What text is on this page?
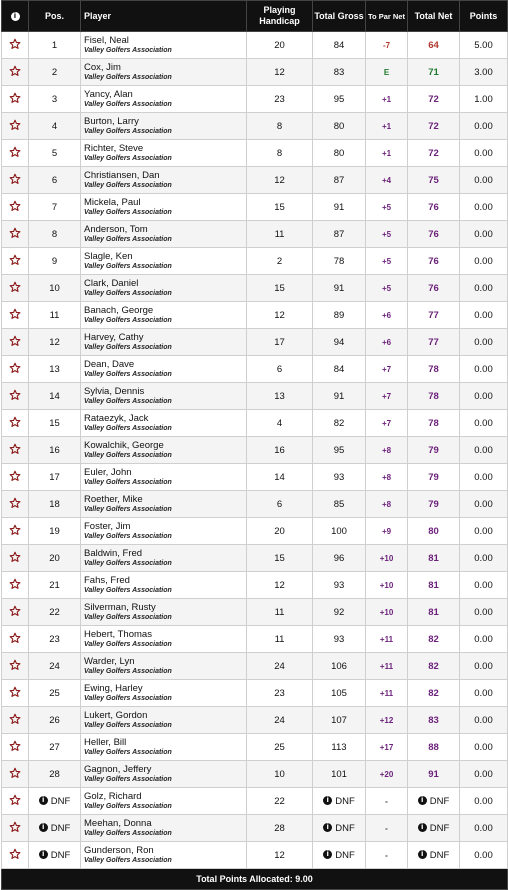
i	Pos.	Player	Playing Handicap	Total Gross	To Par Net	Total Net	Points
	1	Fisel, Neal
Valley Golfers Association	20	84	-7	64	5.00
	2	Cox, Jim
Valley Golfers Association	12	83	E	71	3.00
	3	Yancy, Alan
Valley Golfers Association	23	95	+1	72	1.00
	4	Burton, Larry
Valley Golfers Association	8	80	+1	72	0.00
	5	Richter, Steve
Valley Golfers Association	8	80	+1	72	0.00
	6	Christiansen, Dan
Valley Golfers Association	12	87	+4	75	0.00
	7	Mickela, Paul
Valley Golfers Association	15	91	+5	76	0.00
	8	Anderson, Tom
Valley Golfers Association	11	87	+5	76	0.00
	9	Slagle, Ken
Valley Golfers Association	2	78	+5	76	0.00
	10	Clark, Daniel
Valley Golfers Association	15	91	+5	76	0.00
	11	Banach, George
Valley Golfers Association	12	89	+6	77	0.00
	12	Harvey, Cathy
Valley Golfers Association	17	94	+6	77	0.00
	13	Dean, Dave
Valley Golfers Association	6	84	+7	78	0.00
	14	Sylvia, Dennis
Valley Golfers Association	13	91	+7	78	0.00
	15	Rataezyk, Jack
Valley Golfers Association	4	82	+7	78	0.00
	16	Kowalchik, George
Valley Golfers Association	16	95	+8	79	0.00
	17	Euler, John
Valley Golfers Association	14	93	+8	79	0.00
	18	Roether, Mike
Valley Golfers Association	6	85	+8	79	0.00
	19	Foster, Jim
Valley Golfers Association	20	100	+9	80	0.00
	20	Baldwin, Fred
Valley Golfers Association	15	96	+10	81	0.00
	21	Fahs, Fred
Valley Golfers Association	12	93	+10	81	0.00
	22	Silverman, Rusty
Valley Golfers Association	11	92	+10	81	0.00
	23	Hebert, Thomas
Valley Golfers Association	11	93	+11	82	0.00
	24	Warder, Lyn
Valley Golfers Association	24	106	+11	82	0.00
	25	Ewing, Harley
Valley Golfers Association	23	105	+11	82	0.00
	26	Lukert, Gordon
Valley Golfers Association	24	107	+12	83	0.00
	27	Heller, Bill
Valley Golfers Association	25	113	+17	88	0.00
	28	Gagnon, Jeffery
Valley Golfers Association	10	101	+20	91	0.00
	i DNF	Golz, Richard
Valley Golfers Association	22	i DNF	-	i DNF	0.00
	i DNF	Meehan, Donna
Valley Golfers Association	28	i DNF	-	i DNF	0.00
	i DNF	Gunderson, Ron
Valley Golfers Association	12	i DNF	-	i DNF	0.00
Total Points Allocated: 9.00							
